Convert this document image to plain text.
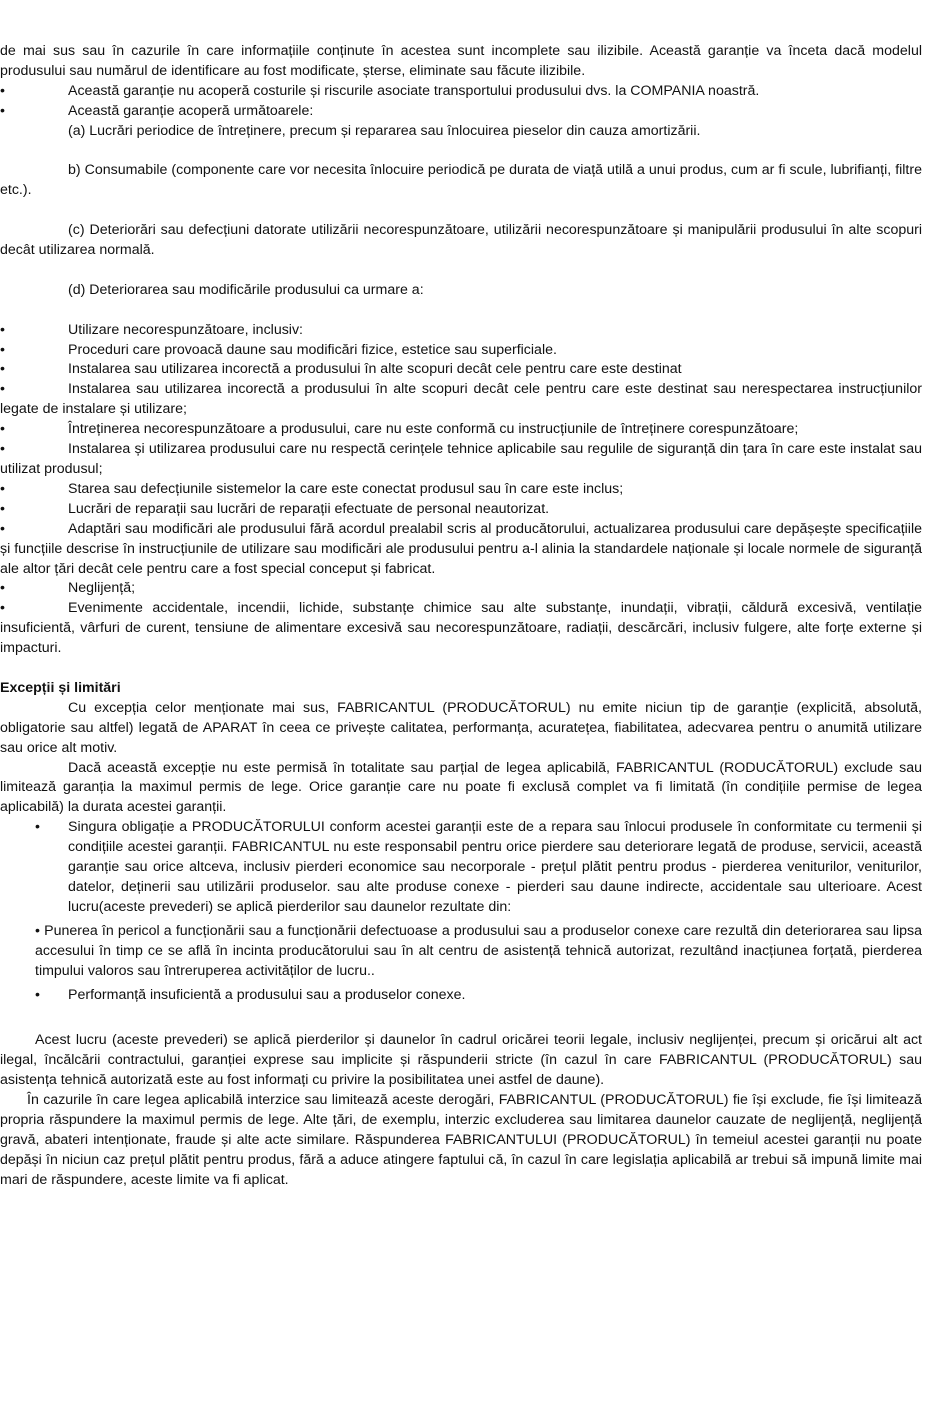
de mai sus sau în cazurile în care informațiile conținute în acestea sunt incomplete sau ilizibile. Această garanție va înceta dacă modelul produsului sau numărul de identificare au fost modificate, șterse, eliminate sau făcute ilizibile.

•	Această garanție nu acoperă costurile și riscurile asociate transportului produsului dvs. la COMPANIA noastră.
•	Această garanție acoperă următoarele:

(a) Lucrări periodice de întreținere, precum și repararea sau înlocuirea pieselor din cauza amortizării.

b) Consumabile (componente care vor necesita înlocuire periodică pe durata de viață utilă a unui produs, cum ar fi scule, lubrifianți, filtre etc.).

(c) Deteriorări sau defecțiuni datorate utilizării necorespunzătoare, utilizării necorespunzătoare și manipulării produsului în alte scopuri decât utilizarea normală.

(d) Deteriorarea sau modificările produsului ca urmare a:

•	Utilizare necorespunzătoare, inclusiv:
•	Proceduri care provoacă daune sau modificări fizice, estetice sau superficiale.
•	Instalarea sau utilizarea incorectă a produsului în alte scopuri decât cele pentru care este destinat

•	Instalarea sau utilizarea incorectă a produsului în alte scopuri decât cele pentru care este destinat sau nerespectarea instrucțiunilor legate de instalare și utilizare;

•	Întreținerea necorespunzătoare a produsului, care nu este conformă cu instrucțiunile de întreținere corespunzătoare;

•	Instalarea și utilizarea produsului care nu respectă cerințele tehnice aplicabile sau regulile de siguranță din țara în care este instalat sau utilizat produsul;

•	Starea sau defecțiunile sistemelor la care este conectat produsul sau în care este inclus;
•	Lucrări de reparații sau lucrări de reparații efectuate de personal neautorizat.

•	Adaptări sau modificări ale produsului fără acordul prealabil scris al producătorului, actualizarea produsului care depășește specificațiile și funcțiile descrise în instrucțiunile de utilizare sau modificări ale produsului pentru a-l alinia la standardele naționale și locale normele de siguranță ale altor țări decât cele pentru care a fost special conceput și fabricat.

•	Neglijență;

•	Evenimente accidentale, incendii, lichide, substanțe chimice sau alte substanțe, inundații, vibrații, căldură excesivă, ventilație insuficientă, vârfuri de curent, tensiune de alimentare excesivă sau necorespunzătoare, radiații, descărcări, inclusiv fulgere, alte forțe externe și impacturi.

Excepții și limitări

Cu excepția celor menționate mai sus, FABRICANTUL (PRODUCĂTORUL) nu emite niciun tip de garanție (explicită, absolută, obligatorie sau altfel) legată de APARAT în ceea ce privește calitatea, performanța, acuratețea, fiabilitatea, adecvarea pentru o anumită utilizare sau orice alt motiv.

Dacă această excepție nu este permisă în totalitate sau parțial de legea aplicabilă, FABRICANTUL (RODUCĂTORUL) exclude sau limitează garanția la maximul permis de lege. Orice garanție care nu poate fi exclusă complet va fi limitată (în condițiile permise de legea aplicabilă) la durata acestei garanții.

• Singura obligație a PRODUCĂTORULUI conform acestei garanții este de a repara sau înlocui produsele în conformitate cu termenii și condițiile acestei garanții. FABRICANTUL nu este responsabil pentru orice pierdere sau deteriorare legată de produse, servicii, această garanție sau orice altceva, inclusiv pierderi economice sau necorporale - prețul plătit pentru produs - pierderea veniturilor, veniturilor, datelor, deținerii sau utilizării produselor. sau alte produse conexe - pierderi sau daune indirecte, accidentale sau ulterioare. Acest lucru(aceste prevederi) se aplică pierderilor sau daunelor rezultate din:

• Punerea în pericol a funcționării sau a funcționării defectuoase a produsului sau a produselor conexe care rezultă din deteriorarea sau lipsa accesului în timp ce se află în incinta producătorului sau în alt centru de asistență tehnică autorizat, rezultând inacțiunea forțată, pierderea timpului valoros sau întreruperea activităților de lucru..

• Performanță insuficientă a produsului sau a produselor conexe.

Acest lucru (aceste prevederi) se aplică pierderilor și daunelor în cadrul oricărei teorii legale, inclusiv neglijenței, precum și oricărui alt act ilegal, încălcării contractului, garanției exprese sau implicite și răspunderii stricte (în cazul în care FABRICANTUL (PRODUCĂTORUL) sau asistența tehnică autorizată este au fost informați cu privire la posibilitatea unei astfel de daune).

În cazurile în care legea aplicabilă interzice sau limitează aceste derogări, FABRICANTUL (PRODUCĂTORUL) fie își exclude, fie își limitează propria răspundere la maximul permis de lege. Alte țări, de exemplu, interzic excluderea sau limitarea daunelor cauzate de neglijență, neglijență gravă, abateri intenționate, fraude și alte acte similare. Răspunderea FABRICANTULUI (PRODUCĂTORUL) în temeiul acestei garanții nu poate depăși în niciun caz prețul plătit pentru produs, fără a aduce atingere faptului că, în cazul în care legislația aplicabilă ar trebui să impună limite mai mari de răspundere, aceste limite va fi aplicat.
